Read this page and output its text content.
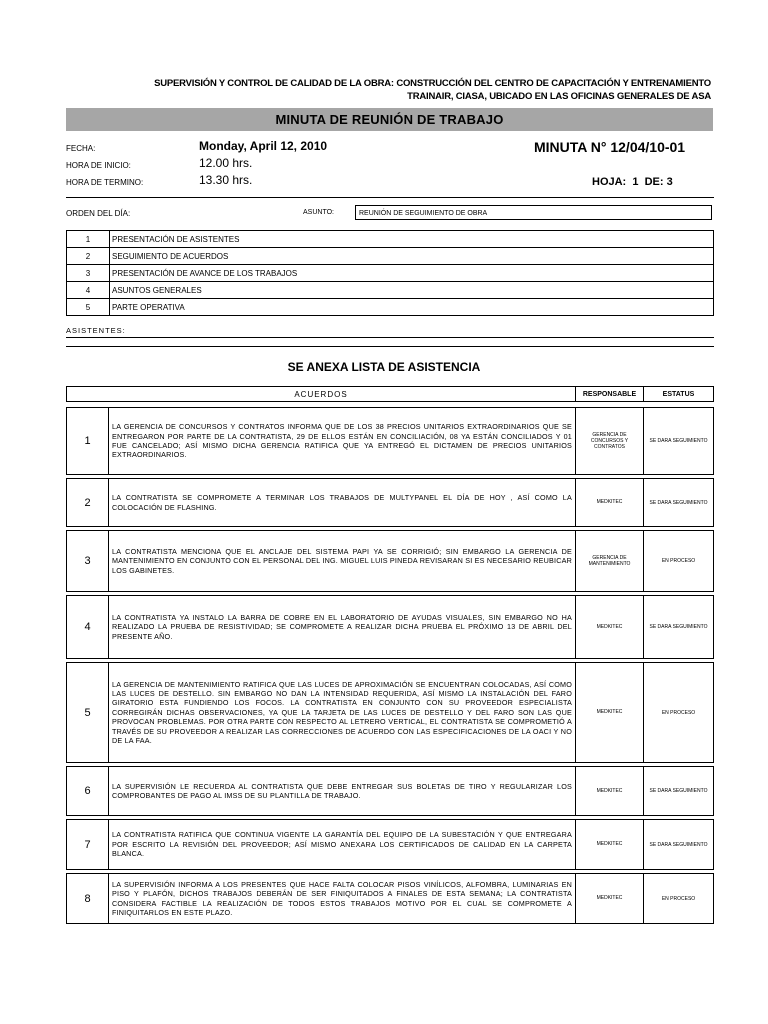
SUPERVISIÓN Y CONTROL DE CALIDAD DE LA OBRA: CONSTRUCCIÓN DEL CENTRO DE CAPACITACIÓN Y ENTRENAMIENTO
TRAINAIR, CIASA, UBICADO EN LAS OFICINAS GENERALES DE ASA
MINUTA DE REUNIÓN DE TRABAJO
FECHA:	Monday, April 12, 2010
HORA DE INICIO:	12.00 hrs.
HORA DE TERMINO:	13.30 hrs.
MINUTA N° 12/04/10-01
HOJA:  1  DE: 3
ORDEN DEL DÍA:	ASUNTO:	REUNIÓN DE SEGUIMIENTO DE OBRA
1	PRESENTACIÓN DE ASISTENTES
2	SEGUIMIENTO DE ACUERDOS
3	PRESENTACIÓN DE AVANCE DE LOS TRABAJOS
4	ASUNTOS GENERALES
5	PARTE OPERATIVA
ASISTENTES:
SE ANEXA LISTA DE ASISTENCIA
ACUERDOS	RESPONSABLE	ESTATUS
1	LA GERENCIA DE CONCURSOS Y CONTRATOS INFORMA QUE DE LOS 38 PRECIOS UNITARIOS EXTRAORDINARIOS QUE SE ENTREGARON POR PARTE DE LA CONTRATISTA, 29 DE ELLOS ESTÁN EN CONCILIACIÓN, 08 YA ESTÁN CONCILIADOS Y 01 FUE CANCELADO; ASÍ MISMO DICHA GERENCIA RATIFICA QUE YA ENTREGÓ EL DICTAMEN DE PRECIOS UNITARIOS EXTRAORDINARIOS.	GERENCIA DE CONCURSOS Y CONTRATOS	SE DARA SEGUIMIENTO

2	LA CONTRATISTA SE COMPROMETE A TERMINAR LOS TRABAJOS DE MULTYPANEL EL DÍA DE HOY , ASÍ COMO LA COLOCACIÓN DE FLASHING.	MEDKITEC	SE DARA SEGUIMIENTO

3	LA CONTRATISTA MENCIONA QUE EL ANCLAJE DEL SISTEMA PAPI YA SE CORRIGIÓ; SIN EMBARGO LA GERENCIA DE MANTENIMIENTO EN CONJUNTO CON EL PERSONAL DEL ING. MIGUEL LUIS PINEDA REVISARAN SI ES NECESARIO REUBICAR LOS GABINETES.	GERENCIA DE MANTENIMIENTO	EN PROCESO

4	LA CONTRATISTA YA INSTALO LA BARRA DE COBRE EN EL LABORATORIO DE AYUDAS VISUALES, SIN EMBARGO NO HA REALIZADO LA PRUEBA DE RESISTIVIDAD; SE COMPROMETE A REALIZAR DICHA PRUEBA EL PRÓXIMO 13 DE ABRIL DEL PRESENTE AÑO.	MEDKITEC	SE DARA SEGUIMIENTO

5	LA GERENCIA DE MANTENIMIENTO RATIFICA QUE LAS LUCES DE APROXIMACIÓN SE ENCUENTRAN COLOCADAS, ASÍ COMO LAS LUCES DE DESTELLO. SIN EMBARGO NO DAN LA INTENSIDAD REQUERIDA, ASÍ MISMO LA INSTALACIÓN DEL FARO GIRATORIO ESTA FUNDIENDO LOS FOCOS. LA CONTRATISTA EN CONJUNTO CON SU PROVEEDOR ESPECIALISTA CORREGIRÁN DICHAS OBSERVACIONES, YA QUE LA TARJETA DE LAS LUCES DE DESTELLO Y DEL FARO SON LAS QUE PROVOCAN PROBLEMAS. POR OTRA PARTE CON RESPECTO AL LETRERO VERTICAL, EL CONTRATISTA SE COMPROMETIÓ A TRAVÉS DE SU PROVEEDOR A REALIZAR LAS CORRECCIONES DE ACUERDO CON LAS ESPECIFICACIONES DE LA OACI Y NO DE LA FAA.	MEDKITEC	EN PROCESO

6	LA SUPERVISIÓN LE RECUERDA AL CONTRATISTA QUE DEBE ENTREGAR SUS BOLETAS DE TIRO Y REGULARIZAR LOS COMPROBANTES DE PAGO AL IMSS DE SU PLANTILLA DE TRABAJO.	MEDKITEC	SE DARA SEGUIMIENTO

7	LA CONTRATISTA RATIFICA QUE CONTINUA VIGENTE LA GARANTÍA DEL EQUIPO DE LA SUBESTACIÓN Y QUE ENTREGARA POR ESCRITO LA REVISIÓN DEL PROVEEDOR; ASÍ MISMO ANEXARA LOS CERTIFICADOS DE CALIDAD EN LA CARPETA BLANCA.	MEDKITEC	SE DARA SEGUIMIENTO

8	LA SUPERVISIÓN INFORMA A LOS PRESENTES QUE HACE FALTA COLOCAR PISOS VINÍLICOS, ALFOMBRA, LUMINARIAS EN PISO Y PLAFÓN, DICHOS TRABAJOS DEBERÁN DE SER FINIQUITADOS A FINALES DE ESTA SEMANA; LA CONTRATISTA CONSIDERA FACTIBLE LA REALIZACIÓN DE TODOS ESTOS TRABAJOS MOTIVO POR EL CUAL SE COMPROMETE A FINIQUITARLOS EN ESTE PLAZO.	MEDKITEC	EN PROCESO
